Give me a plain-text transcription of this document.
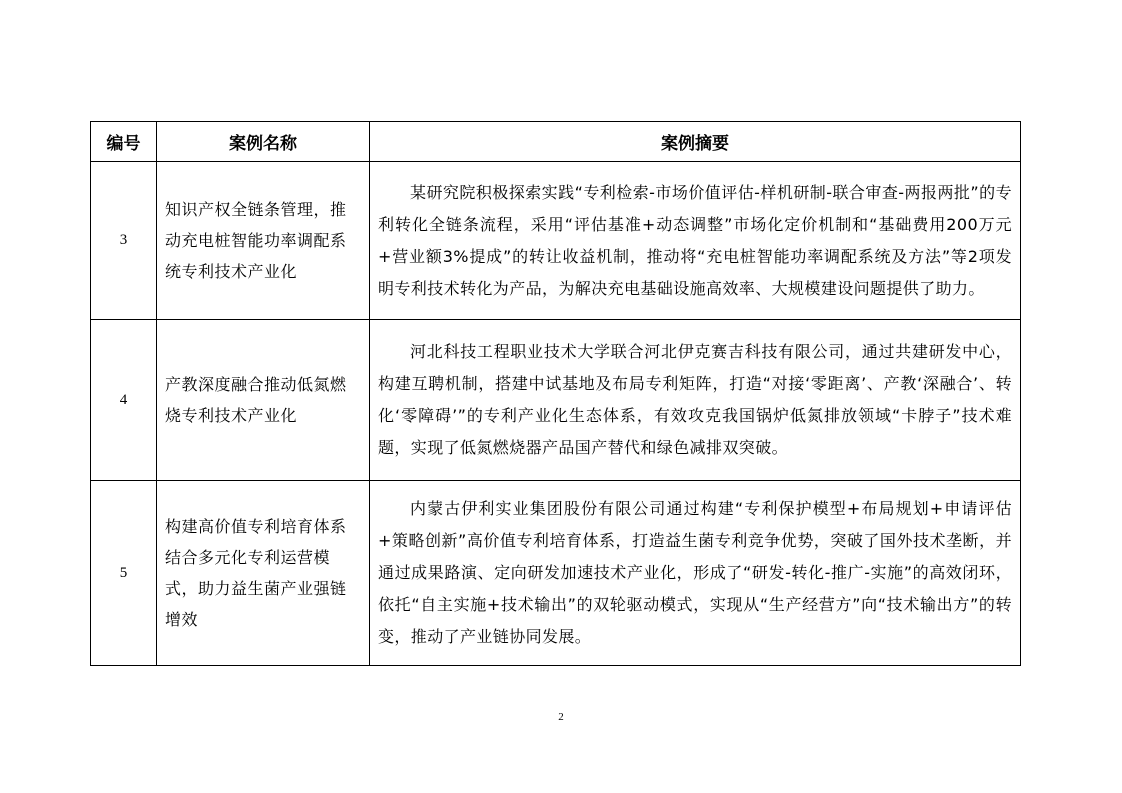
编号	案例名称	案例摘要
3	知识产权全链条管理，推动充电桩智能功率调配系统专利技术产业化	某研究院积极探索实践“专利检索-市场价值评估-样机研制-联合审查-两报两批”的专利转化全链条流程，采用“评估基准+动态调整”市场化定价机制和“基础费用200万元+营业额3%提成”的转让收益机制，推动将“充电桩智能功率调配系统及方法”等2项发明专利技术转化为产品，为解决充电基础设施高效率、大规模建设问题提供了助力。

4	产教深度融合推动低氮燃烧专利技术产业化	河北科技工程职业技术大学联合河北伊克赛吉科技有限公司，通过共建研发中心，构建互聘机制，搭建中试基地及布局专利矩阵，打造“对接‘零距离’、产教‘深融合’、转化‘零障碍’”的专利产业化生态体系，有效攻克我国锅炉低氮排放领域“卡脖子”技术难题，实现了低氮燃烧器产品国产替代和绿色减排双突破。

5	构建高价值专利培育体系结合多元化专利运营模式，助力益生菌产业强链增效	内蒙古伊利实业集团股份有限公司通过构建“专利保护模型+布局规划+申请评估+策略创新”高价值专利培育体系，打造益生菌专利竞争优势，突破了国外技术垄断，并通过成果路演、定向研发加速技术产业化，形成了“研发-转化-推广-实施”的高效闭环，依托“自主实施+技术输出”的双轮驱动模式，实现从“生产经营方”向“技术输出方”的转变，推动了产业链协同发展。

2
